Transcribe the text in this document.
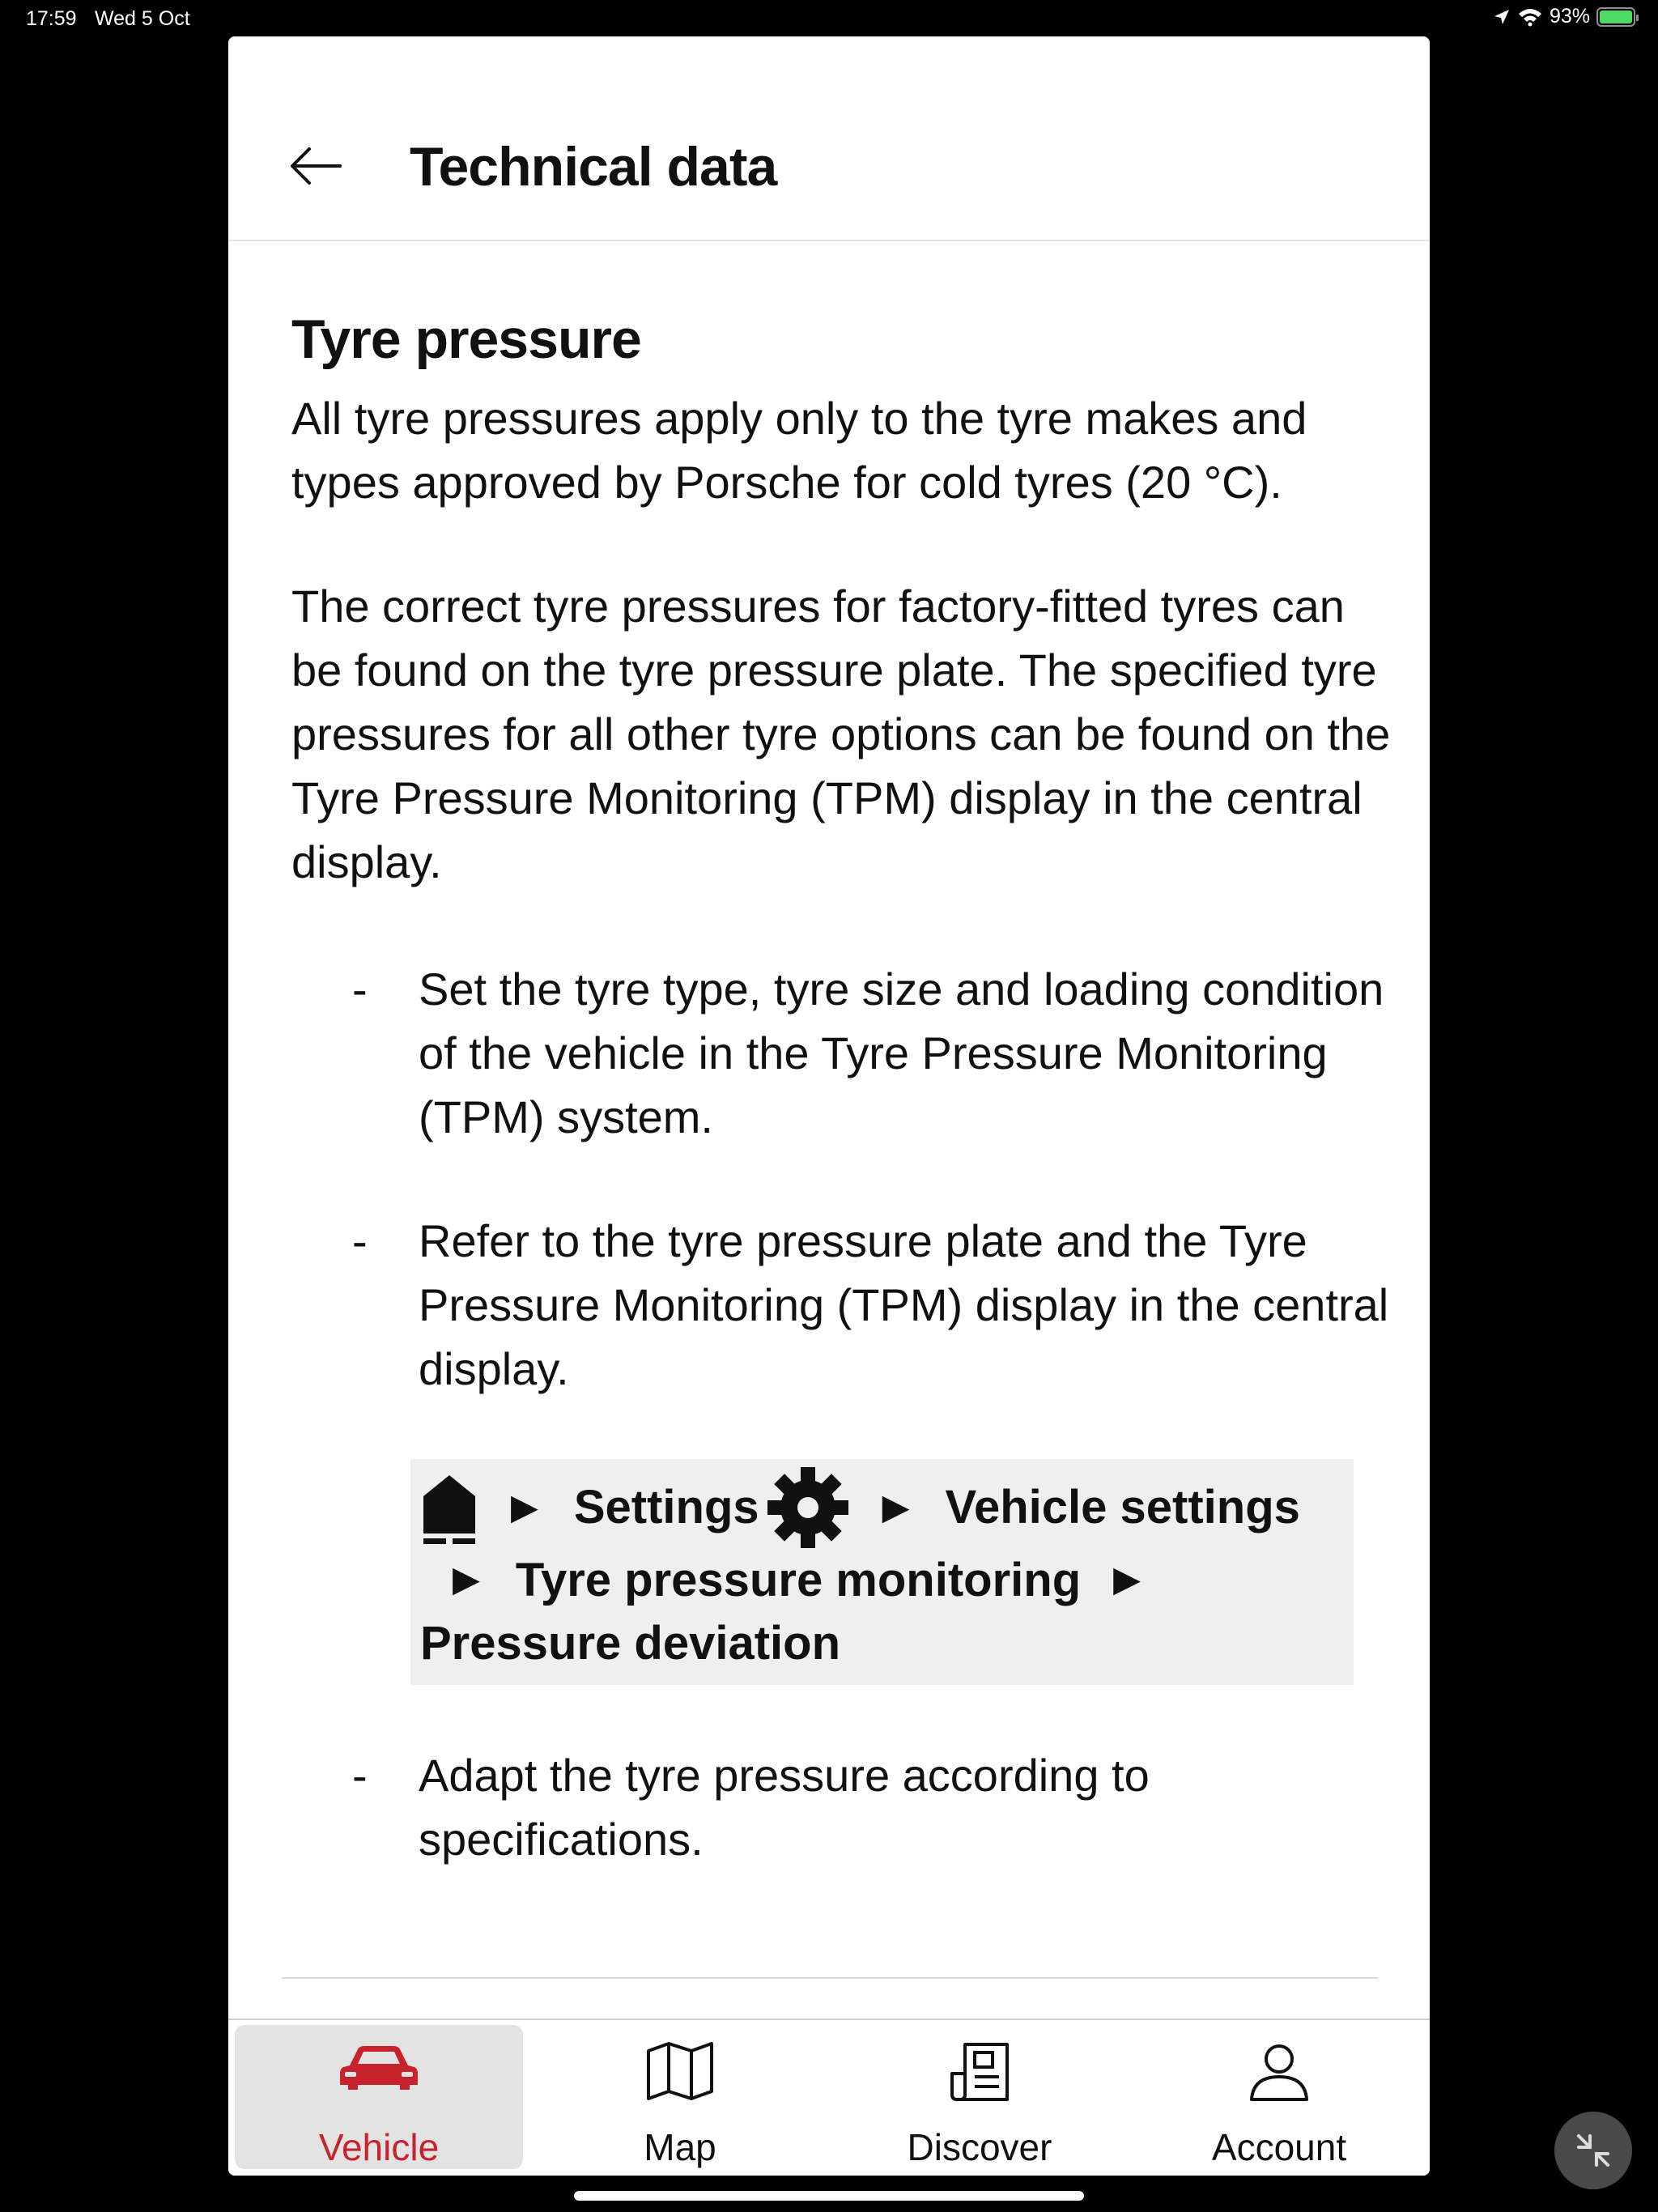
17:59 Wed 5 Oct	93%
Technical data
Tyre pressure

All tyre pressures apply only to the tyre makes and types approved by Porsche for cold tyres (20 °C).

The correct tyre pressures for factory-fitted tyres can be found on the tyre pressure plate. The specified tyre pressures for all other tyre options can be found on the Tyre Pressure Monitoring (TPM) display in the central display.

- Set the tyre type, tyre size and loading condition of the vehicle in the Tyre Pressure Monitoring (TPM) system.
- Refer to the tyre pressure plate and the Tyre Pressure Monitoring (TPM) display in the central display.
▶ Settings	▶ Vehicle settings
▶ Tyre pressure monitoring ▶Pressure deviation
- Adapt the tyre pressure according to specifications.
Vehicle	Map	Discover	Account
